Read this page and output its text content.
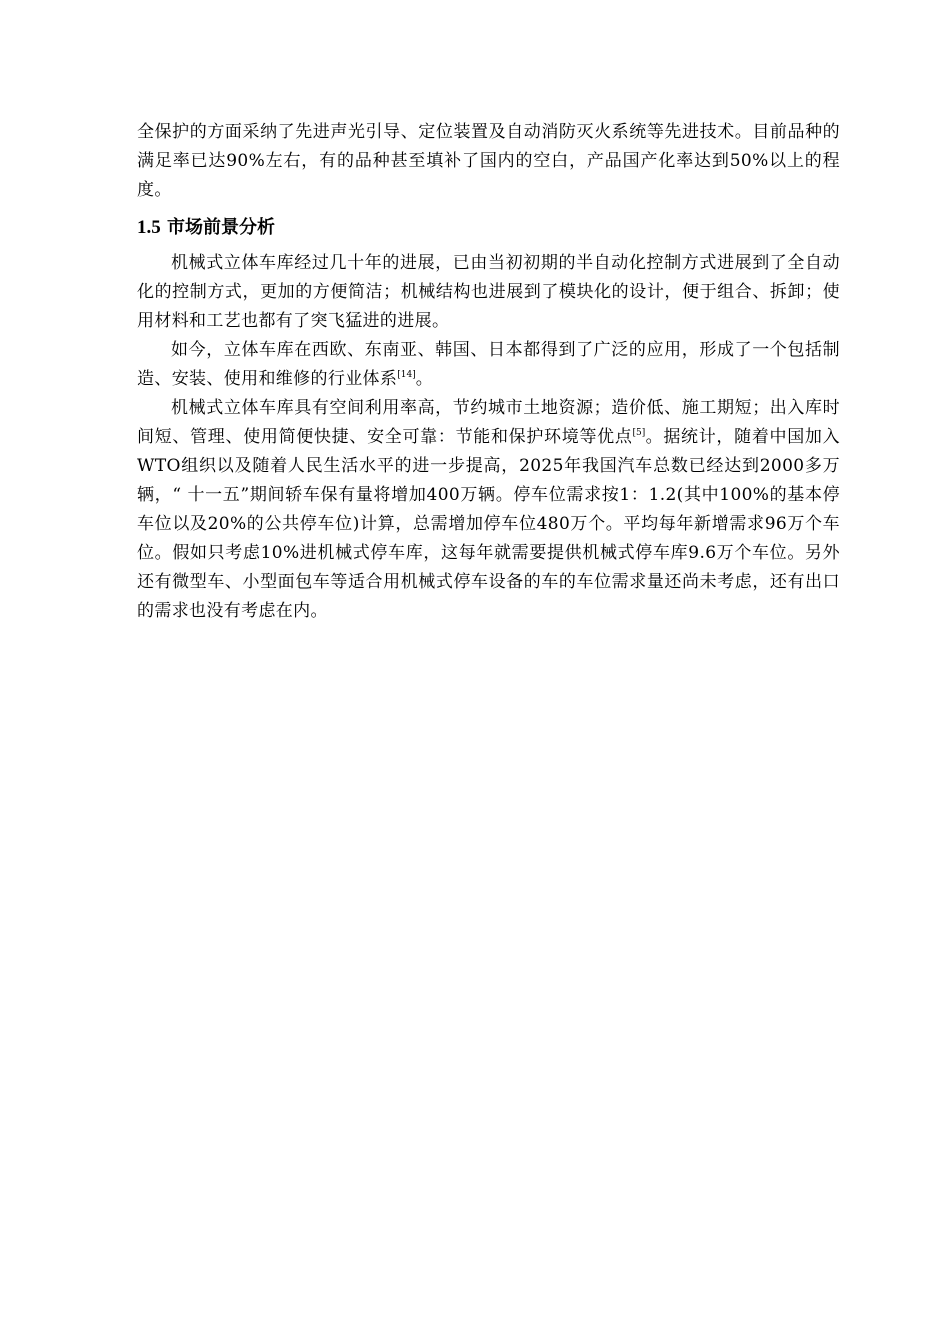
全保护的方面采纳了先进声光引导、定位装置及自动消防灭火系统等先进技术。目前品种的满足率已达90%左右，有的品种甚至填补了国内的空白，产品国产化率达到50%以上的程度。

1.5 市场前景分析

机械式立体车库经过几十年的进展，已由当初初期的半自动化控制方式进展到了全自动化的控制方式，更加的方便简洁；机械结构也进展到了模块化的设计，便于组合、拆卸；使用材料和工艺也都有了突飞猛进的进展。

如今，立体车库在西欧、东南亚、韩国、日本都得到了广泛的应用，形成了一个包括制造、安装、使用和维修的行业体系[14]。

机械式立体车库具有空间利用率高，节约城市土地资源；造价低、施工期短；出入库时间短、管理、使用简便快捷、安全可靠：节能和保护环境等优点[5]。据统计，随着中国加入WTO组织以及随着人民生活水平的进一步提高，2025年我国汽车总数已经达到2000多万辆，“ 十一五”期间轿车保有量将增加400万辆。停车位需求按1：1.2(其中100%的基本停车位以及20%的公共停车位)计算，总需增加停车位480万个。平均每年新增需求96万个车位。假如只考虑10%进机械式停车库，这每年就需要提供机械式停车库9.6万个车位。另外还有微型车、小型面包车等适合用机械式停车设备的车的车位需求量还尚未考虑，还有出口的需求也没有考虑在内。
